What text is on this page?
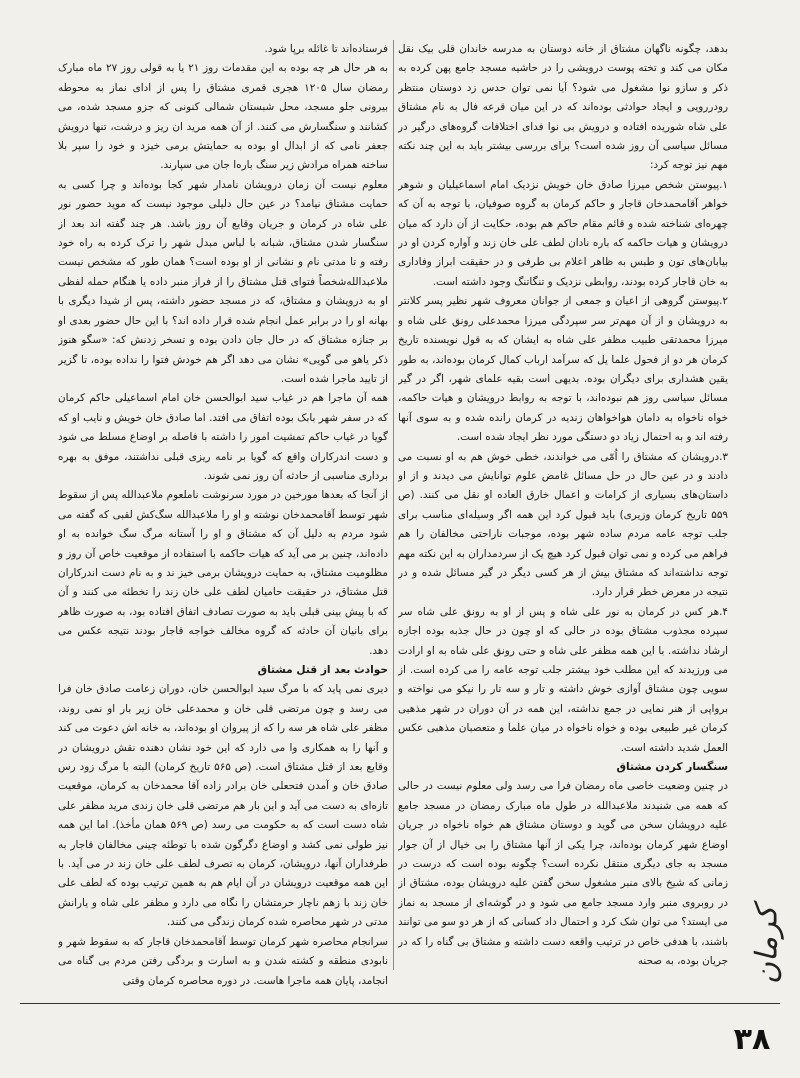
بدهد، چگونه ناگهان مشتاق از خانه دوستان به مدرسه خاندان قلی بیک نقل مکان می کند و تخته پوست درویشی را در حاشیه مسجد جامع پهن کرده به ذکر و سازو نوا مشغول می شود؟ آیا نمی توان حدس زد دوستان منتظر رودررویی و ایجاد حوادثی بوده‌اند که در این میان قرعه فال به نام مشتاق علی شاه شوریده افتاده و درویش بی نوا فدای اختلافات گروه‌های درگیر در مسائل سیاسی آن روز شده است؟ برای بررسی بیشتر باید به این چند نکته مهم نیز توجه کرد:

۱.پیوستن شخص میرزا صادق خان خویش نزدیک امام اسماعیلیان و شوهر خواهر آقامحمدخان قاجار و حاکم کرمان به گروه صوفیان، با توجه به آن که چهره‌ای شناخته شده و قائم مقام حاکم هم بوده، حکایت از آن دارد که میان درویشان و هیات حاکمه که باره نادان لطف علی خان زند و آواره کردن او در بیابان‌های تون و طبس به ظاهر اعلام بی طرفی و در حقیقت ابراز وفاداری به خان قاجار کرده بودند، روابطی نزدیک و تنگاتنگ وجود داشته است.

۲.پیوستن گروهی از اعیان و جمعی از جوانان معروف شهر نظیر پسر کلانتر به درویشان و از آن مهم‌تر سر سپردگی میرزا محمدعلی رونق علی شاه و میرزا محمدتقی طبیب مظفر علی شاه به ایشان که به قول نویسنده تاریخ کرمان هر دو از فحول علما یل که سرآمد ارباب کمال کرمان بوده‌اند، به طور یقین هشداری برای دیگران بوده. بدیهی است بقیه علمای شهر، اگر در گیر مسائل سیاسی روز هم نبوده‌اند، با توجه به روابط درویشان و هیات حاکمه، خواه ناخواه به دامان هواخواهان زندیه در کرمان رانده شده و به سوی آنها رفته اند و به احتمال زیاد دو دستگی مورد نظر ایجاد شده است.

۳.درویشان که مشتاق را اُمّی می خواندند، خطی خوش هم به او نسبت می دادند و در عین حال در حل مسائل غامض علوم توانایش می دیدند و از او داستان‌های بسیاری از کرامات و اعمال خارق العاده او نقل می کنند. (ص ۵۵۹ تاریخ کرمان وزیری) باید قبول کرد این همه اگر وسیله‌ای مناسب برای جلب توجه عامه مردم ساده شهر بوده، موجبات ناراحتی مخالفان را هم فراهم می کرده و نمی توان قبول کرد هیچ یک از سردمداران به این نکته مهم توجه نداشته‌اند که مشتاق بیش از هر کسی دیگر در گیر مسائل شده و در نتیجه در معرض خطر قرار دارد.

۴.هر کس در کرمان به نور علی شاه و پس از او به رونق علی شاه سر سپرده مجذوب مشتاق بوده در حالی که او چون در حال جذبه بوده اجازه ارشاد نداشته. با این همه مظفر علی شاه و حتی رونق علی شاه به او ارادت می ورزیدند که این مطلب خود بیشتر جلب توجه عامه را می کرده است. از سویی چون مشتاق آوازی خوش داشته و تار و سه تار را نیکو می نواخته و برواپی از هنر نمایی در جمع نداشته، این همه در آن دوران در شهر مذهبی کرمان غیر طبیعی بوده و خواه ناخواه در میان علما و متعصبان مذهبی عکس العمل شدید داشته است.

سنگسار کردن مشتاق

در چنین وضعیت خاصی ماه رمضان فرا می رسد ولی معلوم نیست در حالی که همه می شنیدند ملاعبدالله در طول ماه مبارک رمضان در مسجد جامع علیه درویشان سخن می گوید و دوستان مشتاق هم خواه ناخواه در جریان اوضاع شهر کرمان بوده‌اند، چرا یکی از آنها مشتاق را بی خیال از آن جوار مسجد به جای دیگری منتقل نکرده است؟ چگونه بوده است که درست در زمانی که شیخ بالای منبر مشغول سخن گفتن علیه درویشان بوده، مشتاق از در روبروی منبر وارد مسجد جامع می شود و در گوشه‌ای از مسجد به نماز می ایستد؟ می توان شک کرد و احتمال داد کسانی که از هر دو سو می توانند باشند، با هدفی خاص در ترتیب واقعه دست داشته و مشتاق بی گناه را که در جریان بوده، به صحنه

فرستاده‌اند تا غائله برپا شود.

به هر حال هر چه بوده به این مقدمات روز ۲۱ یا به قولی روز ۲۷ ماه مبارک رمضان سال ۱۲۰۵ هجری قمری مشتاق را پس از ادای نماز به محوطه بیرونی جلو مسجد، محل شبستان شمالی کنونی که جزو مسجد شده، می کشانند و سنگسارش می کنند. از آن همه مرید ان ریز و درشت، تنها درویش جعفر نامی که از ابدال او بوده به حمایتش برمی خیزد و خود را سپر بلا ساخته همراه مرادش زیر سنگ باره‌ا جان می سپارند.

معلوم نیست آن زمان درویشان نامدار شهر کجا بوده‌اند و چرا کسی به حمایت مشتاق نیامد؟ در عین حال دلیلی موجود نیست که موید حضور نور علی شاه در کرمان و جریان وقایع آن روز باشد. هر چند گفته اند بعد از سنگسار شدن مشتاق، شبانه با لباس مبدل شهر را ترک کرده به راه خود رفته و تا مدتی نام و نشانی از او بوده است؟ همان طور که مشخص نیست ملاعبدالله‌شخصاً فتوای قتل مشتاق را از فراز منبر داده یا هنگام حمله لفظی او به درویشان و مشتاق، که در مسجد حضور داشته، پس از شیدا دیگری با بهانه او را در برابر عمل انجام شده قرار داده اند؟ با این حال حضور بعدی او بر جنازه مشتاق که در حال جان دادن بوده و تسخر زدنش که: «سگو هنوز ذکر یاهو می گویی» نشان می دهد اگر هم خودش فتوا را نداده بوده، تا گزیر از تایید ماجرا شده است.

همه آن ماجرا هم در غیاب سید ابوالحسن خان امام اسماعیلی حاکم کرمان که در سفر شهر بابک بوده اتفاق می افتد. اما صادق خان خویش و نایب او که گویا در غیاب حاکم تمشیت امور را داشته با فاصله بر اوضاع مسلط می شود و دست اندرکاران واقع که گویا بر نامه ریزی قبلی نداشتند، موفق به بهره برداری مناسبی از حادثه آن روز نمی شوند.

از آنجا که بعدها مورخین در مورد سرنوشت ناملعوم ملاعبدالله‌ پس از سقوط شهر توسط آقامحمدخان نوشته و او را ملاعبدالله‌ سگ‌کش لقبی که گفته می شود مردم به دلیل آن که مشتاق و او را آستانه مرگ سگ خوانده به او داده‌اند، چنین بر می آید که هیات حاکمه با استفاده از موقعیت خاص آن روز و مظلومیت مشتاق، به حمایت درویشان برمی خیز ند و به نام دست اندرکاران قتل مشتاق، در حقیقت حامیان لطف علی خان زند را تخطئه می کنند و آن که با پیش بینی قبلی باید به صورت تصادف اتفاق افتاده بود، به صورت ظاهر برای بانیان آن حادثه که گروه مخالف خواجه قاجار بودند نتیجه عکس می دهد.

حوادث بعد از قتل مشتاق

دیری نمی پاید که با مرگ سید ابوالحسن خان، دوران زعامت صادق خان فرا می رسد و چون مرتضی قلی خان و محمدعلی خان زیر بار او نمی روند، مظفر علی شاه هر سه را که از پیروان او بوده‌اند، به خانه اش دعوت می کند و آنها را به همکاری وا می دارد که این خود نشان دهنده نقش درویشان در وقایع بعد از قتل مشتاق است. (ص ۵۶۵ تاریخ کرمان) البته با مرگ زود رس صادق خان و آمدن فتحعلی خان برادر زاده آقا محمدخان به کرمان، موقعیت تازه‌ای به دست می آید و این بار هم مرتضی قلی خان زندی مرید مظفر علی شاه دست است که به حکومت می رسد (ص ۵۶۹ همان مأخذ). اما این همه نیز طولی نمی کشد و اوضاع دگرگون شده با توطئه چینی مخالفان قاجار به طرفداران آنها، درویشان، کرمان به تصرف لطف علی خان زند در می آید. با این همه موقعیت درویشان در آن ایام هم به همین ترتیب بوده که لطف علی خان زند با زهم ناچار حرمتشان را نگاه می دارد و مظفر علی شاه و یارانش مدتی در شهر محاصره شده کرمان زندگی می کنند.

سرانجام محاصره شهر کرمان توسط آقامحمدخان قاجار که به سقوط شهر و نابودی منطقه و کشته شدن و به اسارت و بردگی رفتن مردم بی گناه می انجامد، پایان همه ماجرا هاست. در دوره محاصره کرمان وقتی	کرمان
۳۸
